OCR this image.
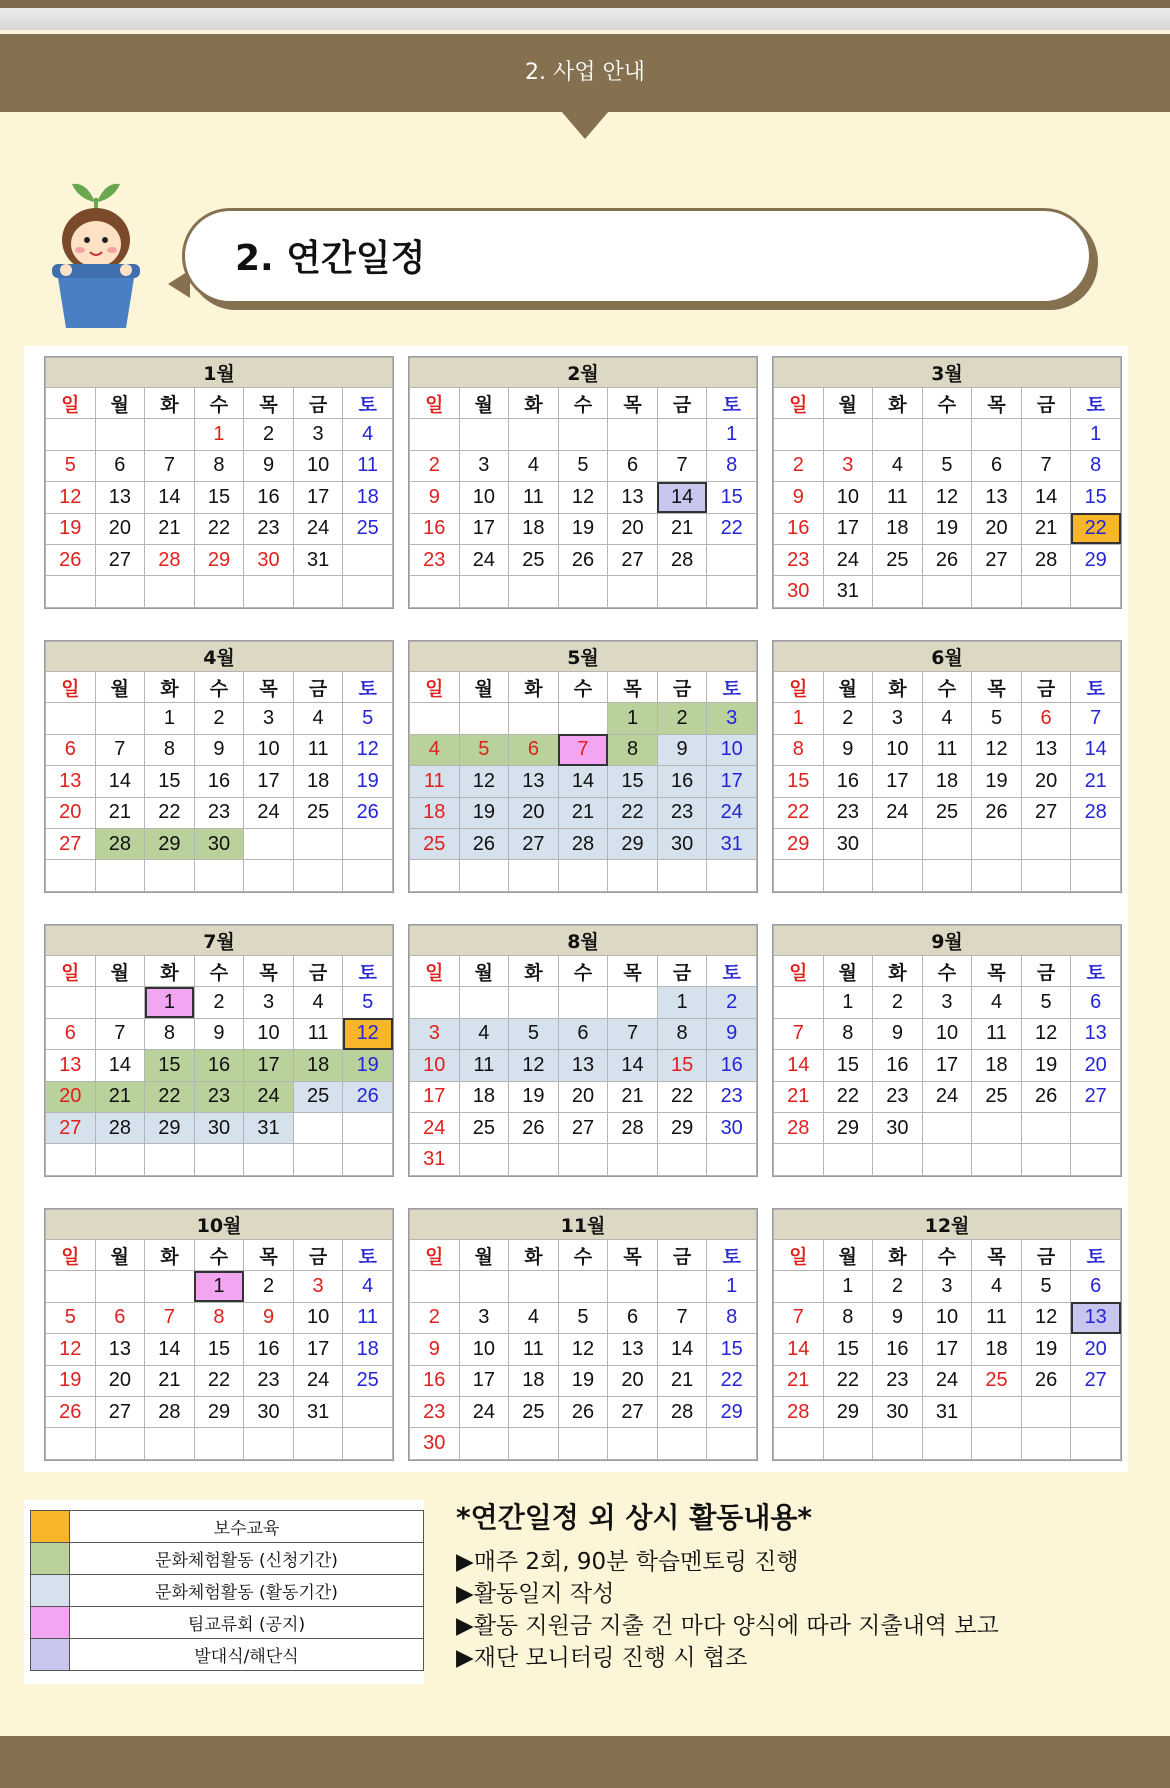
2. 사업 안내
2. 연간일정
1월						
일	월	화	수	목	금	토
			1	2	3	4
5	6	7	8	9	10	11
12	13	14	15	16	17	18
19	20	21	22	23	24	25
26	27	28	29	30	31	

2월						
일	월	화	수	목	금	토
						1
2	3	4	5	6	7	8
9	10	11	12	13	14	15
16	17	18	19	20	21	22
23	24	25	26	27	28	

3월						
일	월	화	수	목	금	토
						1
2	3	4	5	6	7	8
9	10	11	12	13	14	15
16	17	18	19	20	21	22
23	24	25	26	27	28	29
30	31					
4월						
일	월	화	수	목	금	토
		1	2	3	4	5
6	7	8	9	10	11	12
13	14	15	16	17	18	19
20	21	22	23	24	25	26
27	28	29	30			

5월						
일	월	화	수	목	금	토
				1	2	3
4	5	6	7	8	9	10
11	12	13	14	15	16	17
18	19	20	21	22	23	24
25	26	27	28	29	30	31

6월						
일	월	화	수	목	금	토
1	2	3	4	5	6	7
8	9	10	11	12	13	14
15	16	17	18	19	20	21
22	23	24	25	26	27	28
29	30					

7월						
일	월	화	수	목	금	토
		1	2	3	4	5
6	7	8	9	10	11	12
13	14	15	16	17	18	19
20	21	22	23	24	25	26
27	28	29	30	31		

8월						
일	월	화	수	목	금	토
					1	2
3	4	5	6	7	8	9
10	11	12	13	14	15	16
17	18	19	20	21	22	23
24	25	26	27	28	29	30
31						
9월						
일	월	화	수	목	금	토
	1	2	3	4	5	6
7	8	9	10	11	12	13
14	15	16	17	18	19	20
21	22	23	24	25	26	27
28	29	30				

10월						
일	월	화	수	목	금	토
			1	2	3	4
5	6	7	8	9	10	11
12	13	14	15	16	17	18
19	20	21	22	23	24	25
26	27	28	29	30	31	

11월						
일	월	화	수	목	금	토
						1
2	3	4	5	6	7	8
9	10	11	12	13	14	15
16	17	18	19	20	21	22
23	24	25	26	27	28	29
30						
12월						
일	월	화	수	목	금	토
	1	2	3	4	5	6
7	8	9	10	11	12	13
14	15	16	17	18	19	20
21	22	23	24	25	26	27
28	29	30	31			

	보수교육
	문화체험활동 (신청기간)
	문화체험활동 (활동기간)
	팀교류회 (공지)
	발대식/해단식
*연간일정 외 상시 활동내용*
▶매주 2회, 90분 학습멘토링 진행
▶활동일지 작성
▶활동 지원금 지출 건 마다 양식에 따라 지출내역 보고
▶재단 모니터링 진행 시 협조
